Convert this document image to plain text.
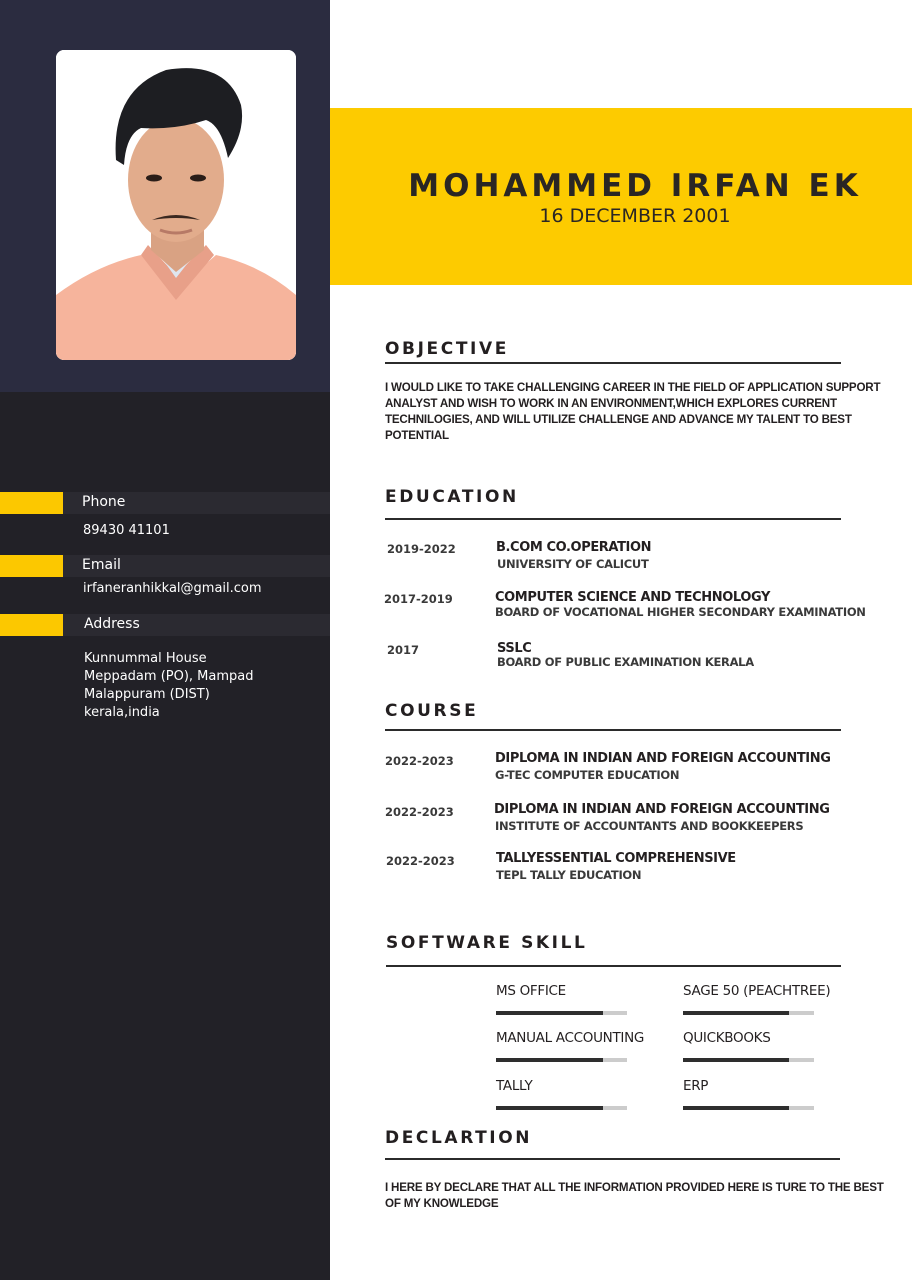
Phone
89430 41101
Email
irfaneranhikkal@gmail.com
Address
Kunnummal House
Meppadam (PO), Mampad
Malappuram (DIST)
kerala,india
MOHAMMED IRFAN EK
16 DECEMBER 2001
OBJECTIVE
I WOULD LIKE TO TAKE CHALLENGING CAREER IN THE FIELD OF APPLICATION SUPPORT ANALYST AND WISH TO WORK IN AN ENVIRONMENT,WHICH EXPLORES CURRENT TECHNILOGIES, AND WILL UTILIZE CHALLENGE AND ADVANCE MY TALENT TO BEST POTENTIAL
EDUCATION
2019-2022	B.COM CO.OPERATION
UNIVERSITY OF CALICUT
2017-2019	COMPUTER SCIENCE AND TECHNOLOGY
BOARD OF VOCATIONAL HIGHER SECONDARY EXAMINATION
2017	SSLC
BOARD OF PUBLIC EXAMINATION KERALA
COURSE
2022-2023	DIPLOMA IN INDIAN AND FOREIGN ACCOUNTING
G-TEC COMPUTER EDUCATION
2022-2023	DIPLOMA IN INDIAN AND FOREIGN ACCOUNTING
INSTITUTE OF ACCOUNTANTS AND BOOKKEEPERS
2022-2023	TALLYESSENTIAL COMPREHENSIVE
TEPL TALLY EDUCATION
SOFTWARE SKILL
MS OFFICE	SAGE 50 (PEACHTREE)
MANUAL ACCOUNTING	QUICKBOOKS
TALLY	ERP
DECLARTION
I HERE BY DECLARE THAT ALL THE INFORMATION PROVIDED HERE IS TURE TO THE BEST OF MY KNOWLEDGE
